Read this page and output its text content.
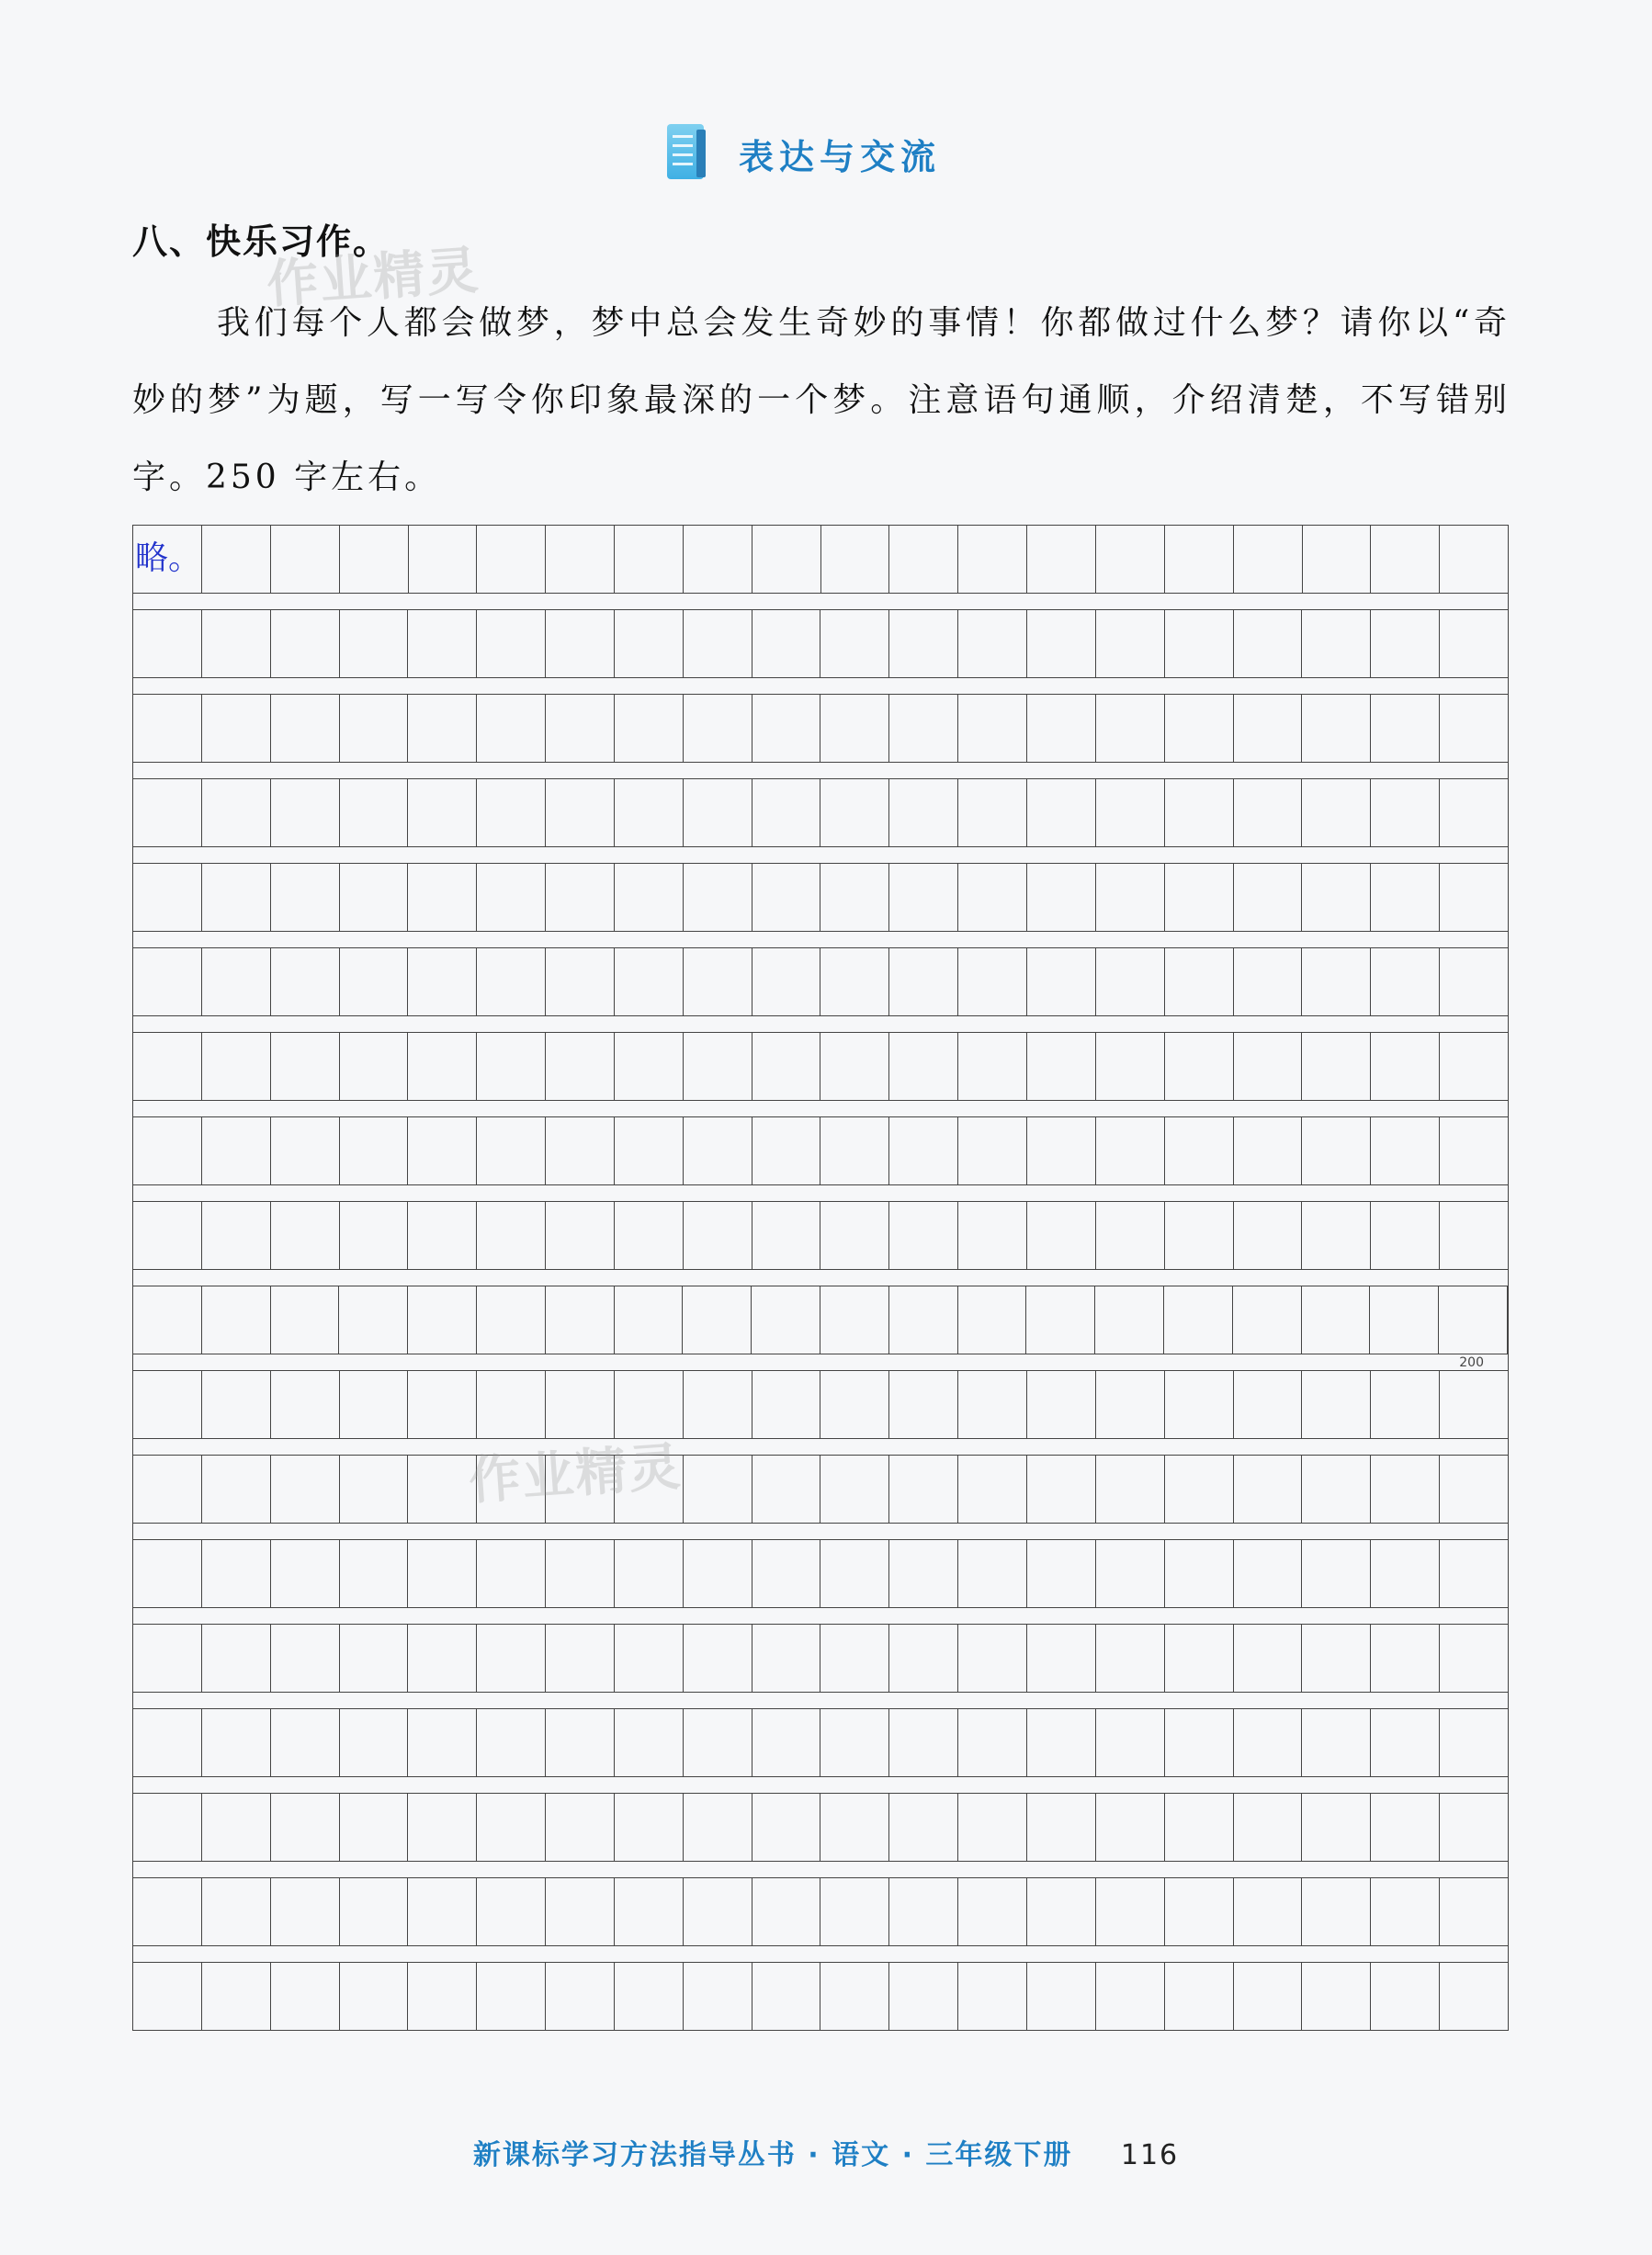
表达与交流
八、快乐习作。
我们每个人都会做梦，梦中总会发生奇妙的事情！你都做过什么梦？请你以“奇妙的梦”为题，写一写令你印象最深的一个梦。注意语句通顺，介绍清楚，不写错别字。250 字左右。
作业精灵
略。
200
作业精灵
新课标学习方法指导丛书 · 语文 · 三年级下册 116
